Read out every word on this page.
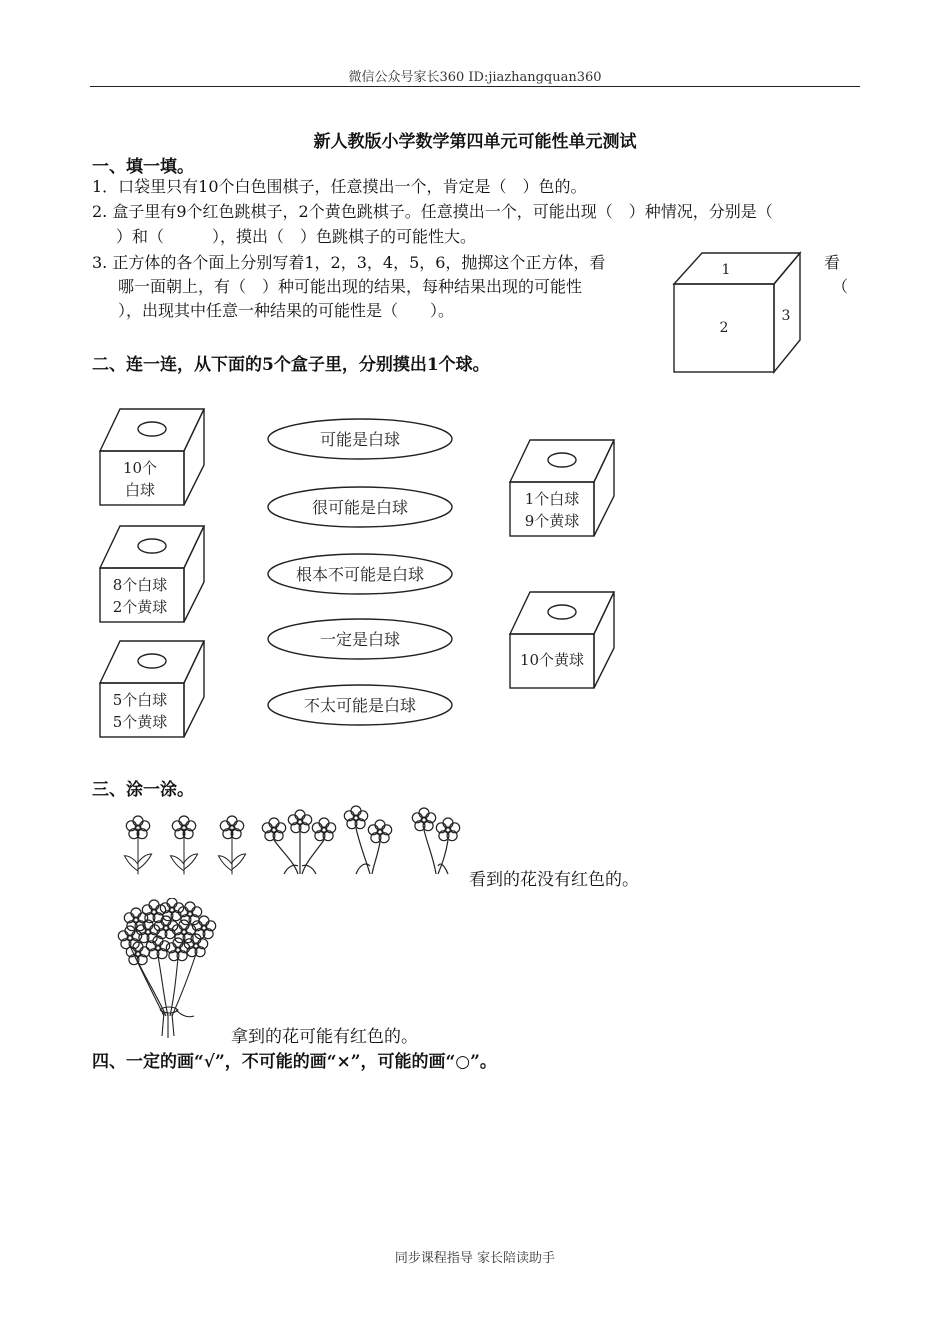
微信公众号家长360 ID:jiazhangquan360
新人教版小学数学第四单元可能性单元测试
一、填一填。
1．口袋里只有10个白色围棋子，任意摸出一个，肯定是（　）色的。
2. 盒子里有9个红色跳棋子，2个黄色跳棋子。任意摸出一个，可能出现（　）种情况，分别是（
）和（　　　），摸出（　）色跳棋子的可能性大。
3. 正方体的各个面上分别写着1，2，3，4，5，6，抛掷这个正方体，看	看
哪一面朝上，有（　）种可能出现的结果，每种结果出现的可能性	（
），出现其中任意一种结果的可能性是（　　）。
1
2
3
二、连一连，从下面的5个盒子里，分别摸出1个球。
10个
白球
8个白球
2个黄球
5个白球
5个黄球
可能是白球
很可能是白球
根本不可能是白球
一定是白球
不太可能是白球
1个白球
9个黄球
10个黄球
三、涂一涂。
看到的花没有红色的。
拿到的花可能有红色的。
四、一定的画“√”，不可能的画“×”，可能的画“○”。
同步课程指导 家长陪读助手
